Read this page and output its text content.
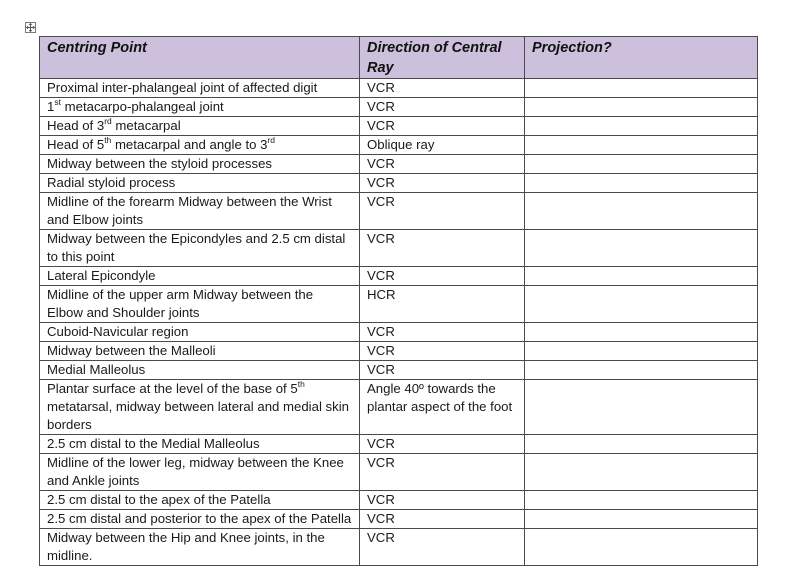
Centring Point	Direction of Central Ray	Projection?
Proximal inter-phalangeal joint of affected digit	VCR	
1st metacarpo-phalangeal joint	VCR	
Head of 3rd metacarpal	VCR	
Head of 5th metacarpal and angle to 3rd	Oblique ray	
Midway between the styloid processes	VCR	
Radial styloid process	VCR	
Midline of the forearm Midway between the Wrist and Elbow joints	VCR	
Midway between the Epicondyles and 2.5 cm distal to this point	VCR	
Lateral Epicondyle	VCR	
Midline of the upper arm Midway between the Elbow and Shoulder joints	HCR	
Cuboid-Navicular region	VCR	
Midway between the Malleoli	VCR	
Medial Malleolus	VCR	
Plantar surface at the level of the base of 5th metatarsal, midway between lateral and medial skin borders	Angle 40º towards the plantar aspect of the foot	
2.5 cm distal to the Medial Malleolus	VCR	
Midline of the lower leg, midway between the Knee and Ankle joints	VCR	
2.5 cm distal to the apex of the Patella	VCR	
2.5 cm distal and posterior to the apex of the Patella	VCR	
Midway between the Hip and Knee joints, in the midline.	VCR	
